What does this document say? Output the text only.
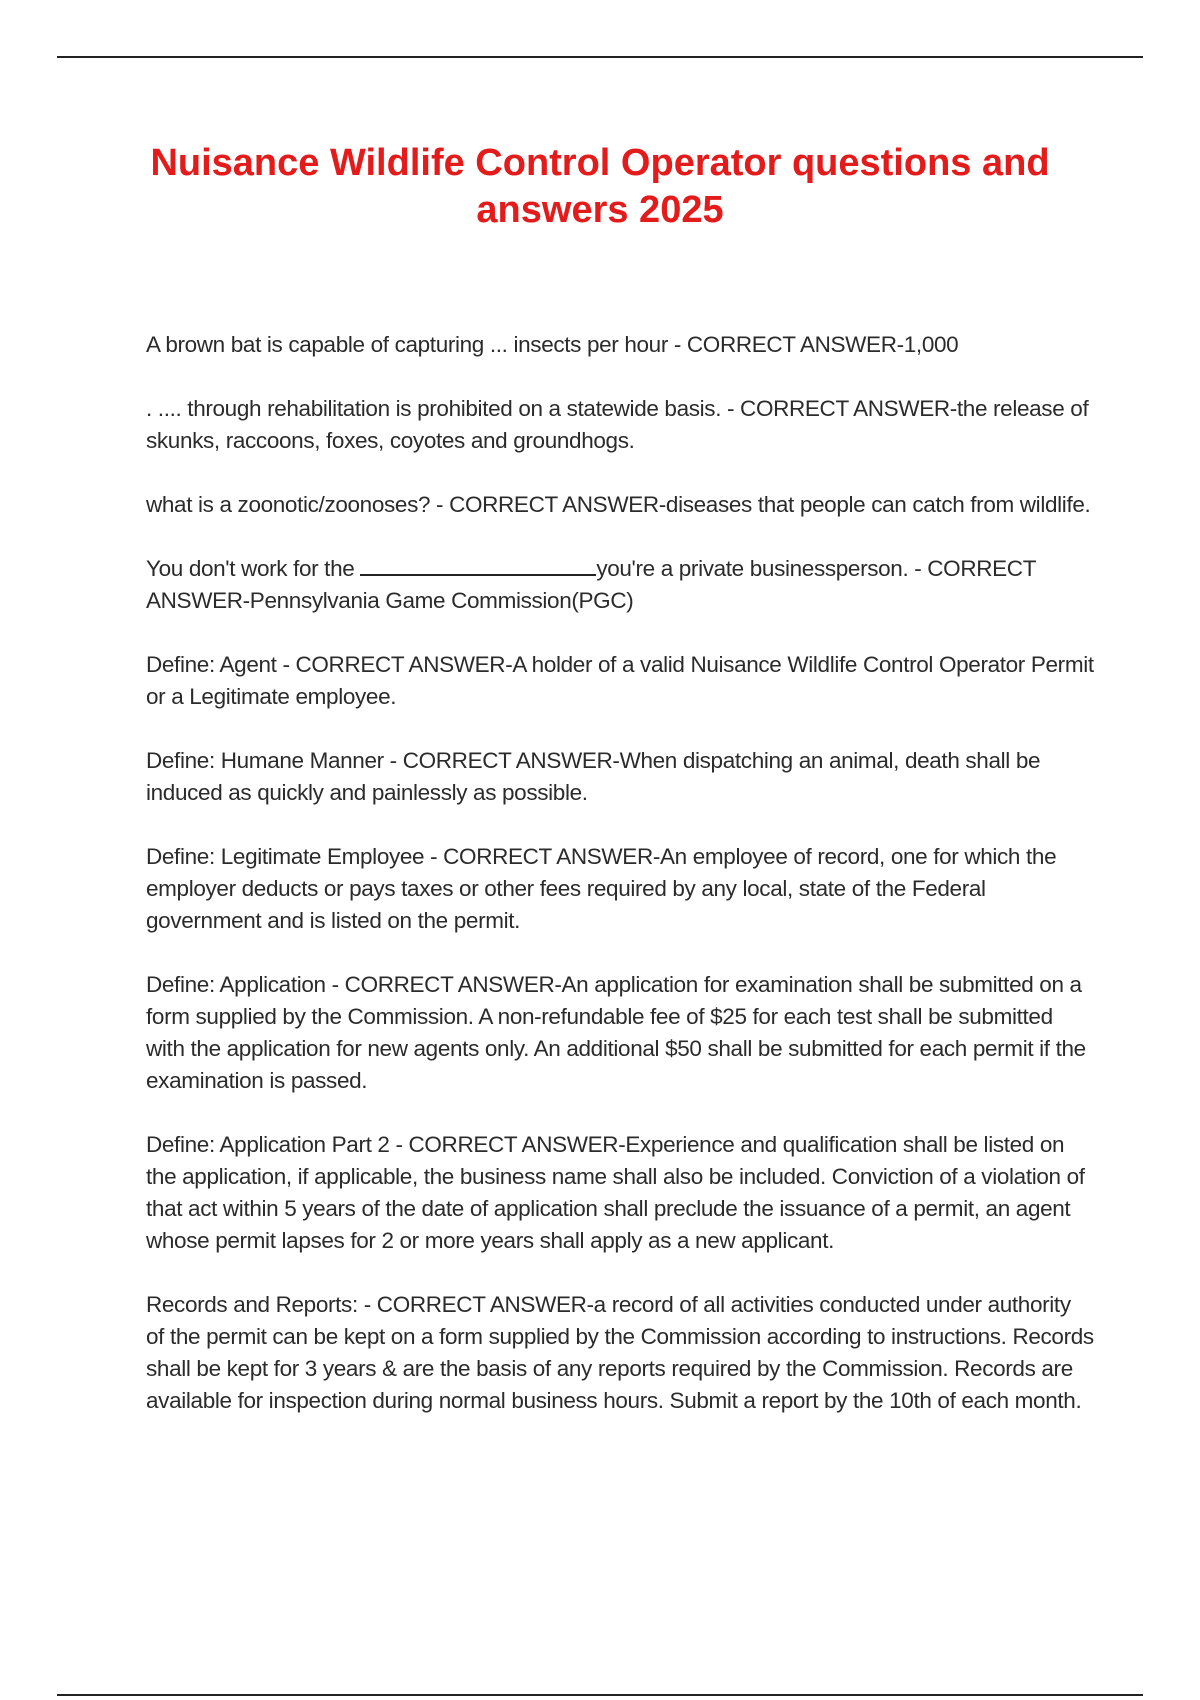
Nuisance Wildlife Control Operator questions and answers 2025
A brown bat is capable of capturing ... insects per hour - CORRECT ANSWER-1,000
. .... through rehabilitation is prohibited on a statewide basis. - CORRECT ANSWER-the release of skunks, raccoons, foxes, coyotes and groundhogs.
what is a zoonotic/zoonoses? - CORRECT ANSWER-diseases that people can catch from wildlife.
You don't work for the	you're a private businessperson. - CORRECT ANSWER-Pennsylvania Game Commission(PGC)
Define: Agent - CORRECT ANSWER-A holder of a valid Nuisance Wildlife Control Operator Permit or a Legitimate employee.
Define: Humane Manner - CORRECT ANSWER-When dispatching an animal, death shall be induced as quickly and painlessly as possible.
Define: Legitimate Employee - CORRECT ANSWER-An employee of record, one for which the employer deducts or pays taxes or other fees required by any local, state of the Federal government and is listed on the permit.
Define: Application - CORRECT ANSWER-An application for examination shall be submitted on a form supplied by the Commission. A non-refundable fee of $25 for each test shall be submitted with the application for new agents only. An additional $50 shall be submitted for each permit if the examination is passed.
Define: Application Part 2 - CORRECT ANSWER-Experience and qualification shall be listed on the application, if applicable, the business name shall also be included. Conviction of a violation of that act within 5 years of the date of application shall preclude the issuance of a permit, an agent whose permit lapses for 2 or more years shall apply as a new applicant.
Records and Reports: - CORRECT ANSWER-a record of all activities conducted under authority of the permit can be kept on a form supplied by the Commission according to instructions. Records shall be kept for 3 years & are the basis of any reports required by the Commission. Records are available for inspection during normal business hours. Submit a report by the 10th of each month.
